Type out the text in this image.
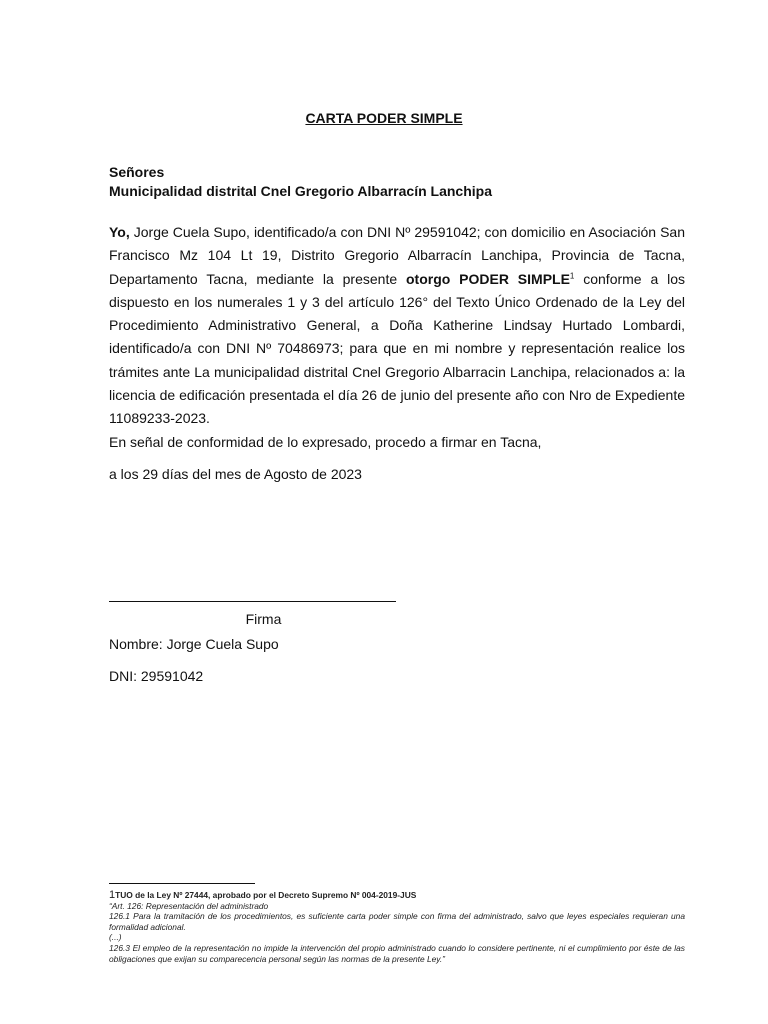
CARTA PODER SIMPLE
Señores
Municipalidad distrital Cnel Gregorio Albarracín Lanchipa

Yo, Jorge Cuela Supo, identificado/a con DNI Nº 29591042; con domicilio en Asociación San Francisco Mz 104 Lt 19, Distrito Gregorio Albarracín Lanchipa, Provincia de Tacna, Departamento Tacna, mediante la presente otorgo PODER SIMPLE$^1$ conforme a los dispuesto en los numerales 1 y 3 del artículo 126° del Texto Único Ordenado de la Ley del Procedimiento Administrativo General, a Doña Katherine Lindsay Hurtado Lombardi, identificado/a con DNI Nº 70486973; para que en mi nombre y representación realice los trámites ante La municipalidad distrital Cnel Gregorio Albarracin Lanchipa, relacionados a: la licencia de edificación presentada el día 26 de junio del presente año con Nro de Expediente 11089233-2023.

En señal de conformidad de lo expresado, procedo a firmar en Tacna,

a los 29 días del mes de Agosto de 2023
Firma
Nombre: Jorge Cuela Supo
DNI: 29591042

1TUO de la Ley Nº 27444, aprobado por el Decreto Supremo Nº 004-2019-JUS

“Art. 126: Representación del administrado

126.1 Para la tramitación de los procedimientos, es suficiente carta poder simple con firma del administrado, salvo que leyes especiales requieran una formalidad adicional.

(...)

126.3 El empleo de la representación no impide la intervención del propio administrado cuando lo considere pertinente, ni el cumplimiento por éste de las obligaciones que exijan su comparecencia personal según las normas de la presente Ley.”
